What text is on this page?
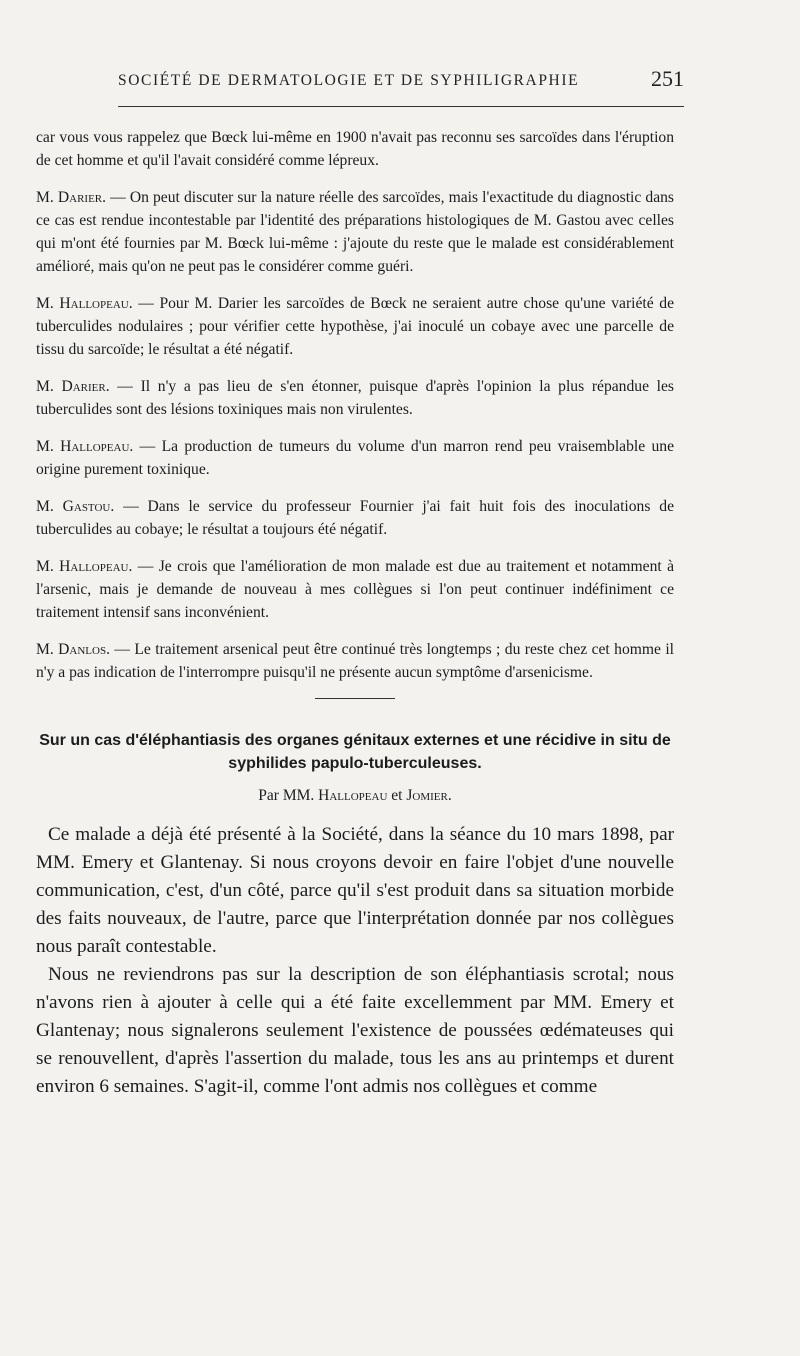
SOCIÉTÉ DE DERMATOLOGIE ET DE SYPHILIGRAPHIE	251

car vous vous rappelez que Bœck lui-même en 1900 n'avait pas reconnu ses sarcoïdes dans l'éruption de cet homme et qu'il l'avait considéré comme lépreux.

M. Darier. — On peut discuter sur la nature réelle des sarcoïdes, mais l'exactitude du diagnostic dans ce cas est rendue incontestable par l'identité des préparations histologiques de M. Gastou avec celles qui m'ont été fournies par M. Bœck lui-même : j'ajoute du reste que le malade est considérablement amélioré, mais qu'on ne peut pas le considérer comme guéri.

M. Hallopeau. — Pour M. Darier les sarcoïdes de Bœck ne seraient autre chose qu'une variété de tuberculides nodulaires ; pour vérifier cette hypothèse, j'ai inoculé un cobaye avec une parcelle de tissu du sarcoïde; le résultat a été négatif.

M. Darier. — Il n'y a pas lieu de s'en étonner, puisque d'après l'opinion la plus répandue les tuberculides sont des lésions toxiniques mais non virulentes.

M. Hallopeau. — La production de tumeurs du volume d'un marron rend peu vraisemblable une origine purement toxinique.

M. Gastou. — Dans le service du professeur Fournier j'ai fait huit fois des inoculations de tuberculides au cobaye; le résultat a toujours été négatif.

M. Hallopeau. — Je crois que l'amélioration de mon malade est due au traitement et notamment à l'arsenic, mais je demande de nouveau à mes collègues si l'on peut continuer indéfiniment ce traitement intensif sans inconvénient.

M. Danlos. — Le traitement arsenical peut être continué très longtemps ; du reste chez cet homme il n'y a pas indication de l'interrompre puisqu'il ne présente aucun symptôme d'arsenicisme.

Sur un cas d'éléphantiasis des organes génitaux externes et une récidive in situ de syphilides papulo-tuberculeuses.
Par MM. Hallopeau et Jomier.

Ce malade a déjà été présenté à la Société, dans la séance du 10 mars 1898, par MM. Emery et Glantenay. Si nous croyons devoir en faire l'objet d'une nouvelle communication, c'est, d'un côté, parce qu'il s'est produit dans sa situation morbide des faits nouveaux, de l'autre, parce que l'interprétation donnée par nos collègues nous paraît contestable.

Nous ne reviendrons pas sur la description de son éléphantiasis scrotal; nous n'avons rien à ajouter à celle qui a été faite excellemment par MM. Emery et Glantenay; nous signalerons seulement l'existence de poussées œdémateuses qui se renouvellent, d'après l'assertion du malade, tous les ans au printemps et durent environ 6 semaines. S'agit-il, comme l'ont admis nos collègues et comme
